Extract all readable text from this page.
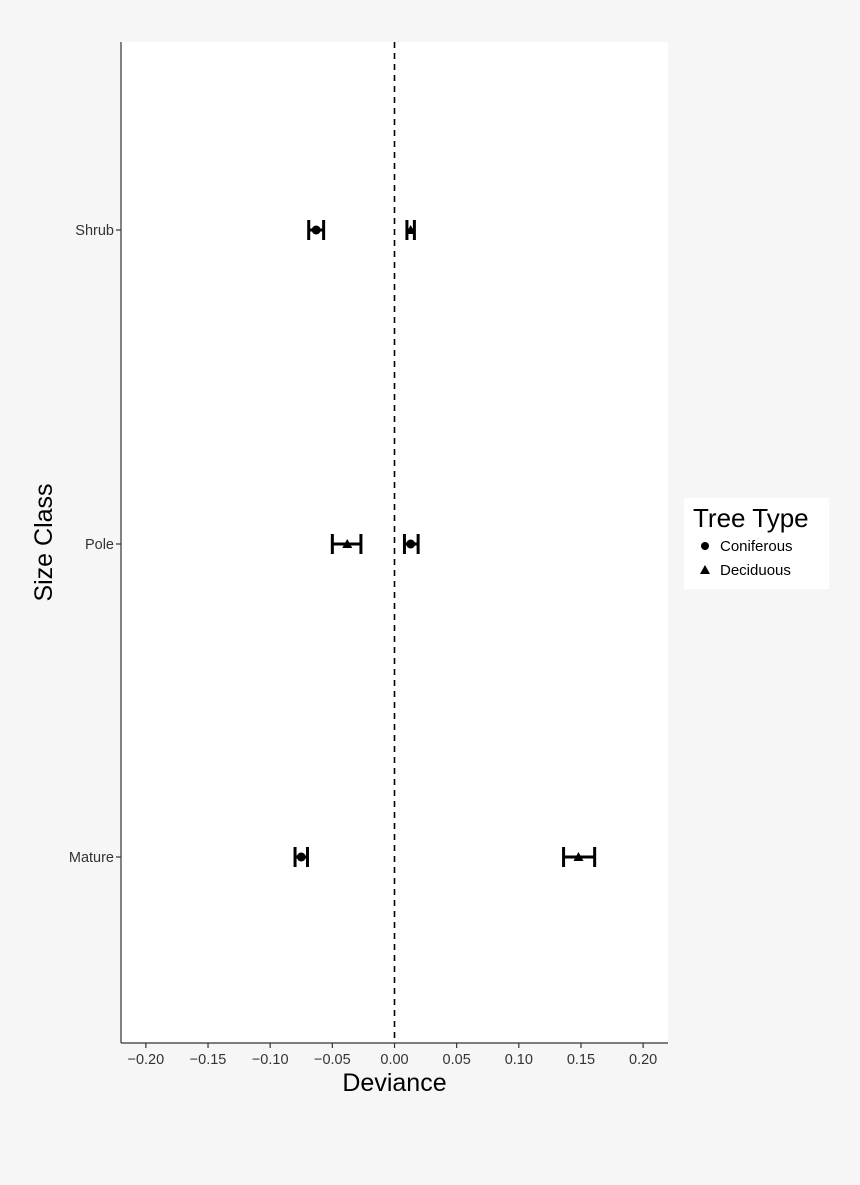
−0.20 −0.15 −0.10 −0.05 0.00 0.05 0.10 0.15 0.20
Mature
Pole
Shrub
Deviance
Size Class	Tree Type
Coniferous
Deciduous
